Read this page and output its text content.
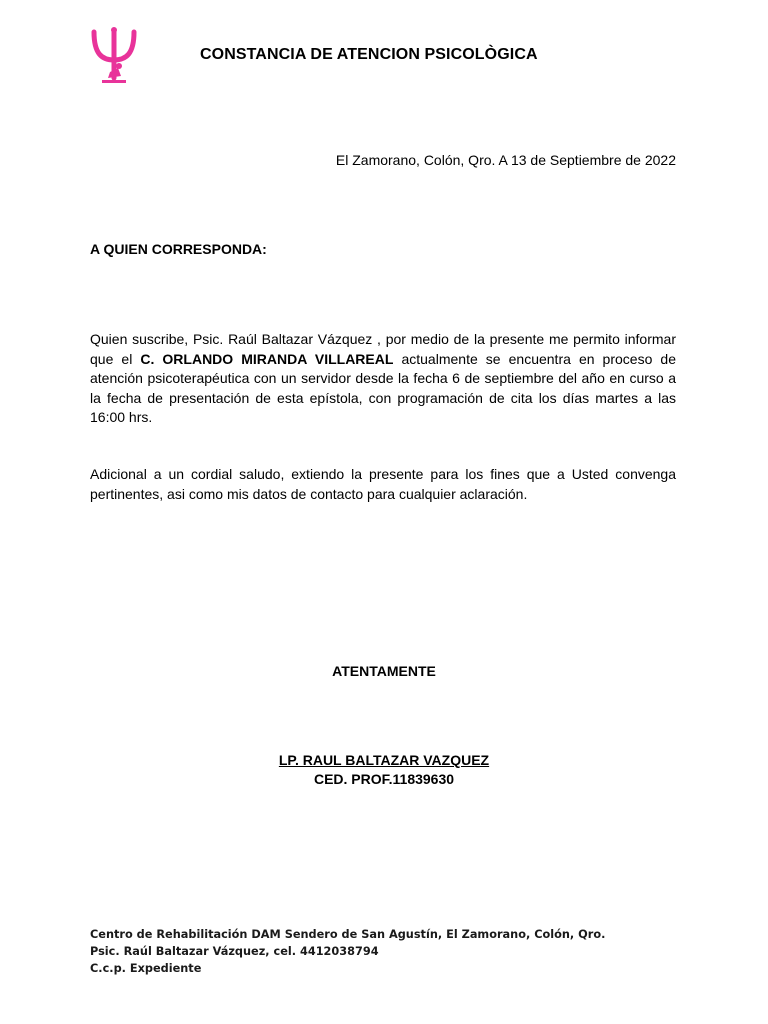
CONSTANCIA DE ATENCION PSICOLÒGICA
El Zamorano, Colón, Qro. A 13 de Septiembre de 2022
A QUIEN CORRESPONDA:
Quien suscribe, Psic. Raúl Baltazar Vázquez , por medio de la presente me permito informar que el C. ORLANDO MIRANDA VILLAREAL actualmente se encuentra en proceso de atención psicoterapéutica con un servidor desde la fecha 6 de septiembre del año en curso a la fecha de presentación de esta epístola, con programación de cita los días martes a las 16:00 hrs.
Adicional a un cordial saludo, extiendo la presente para los fines que a Usted convenga pertinentes, asi como mis datos de contacto para cualquier aclaración.
ATENTAMENTE
LP. RAUL BALTAZAR VAZQUEZ
CED. PROF.11839630
Centro de Rehabilitación DAM Sendero de San Agustín, El Zamorano, Colón, Qro.
Psic. Raúl Baltazar Vázquez, cel. 4412038794
C.c.p. Expediente
